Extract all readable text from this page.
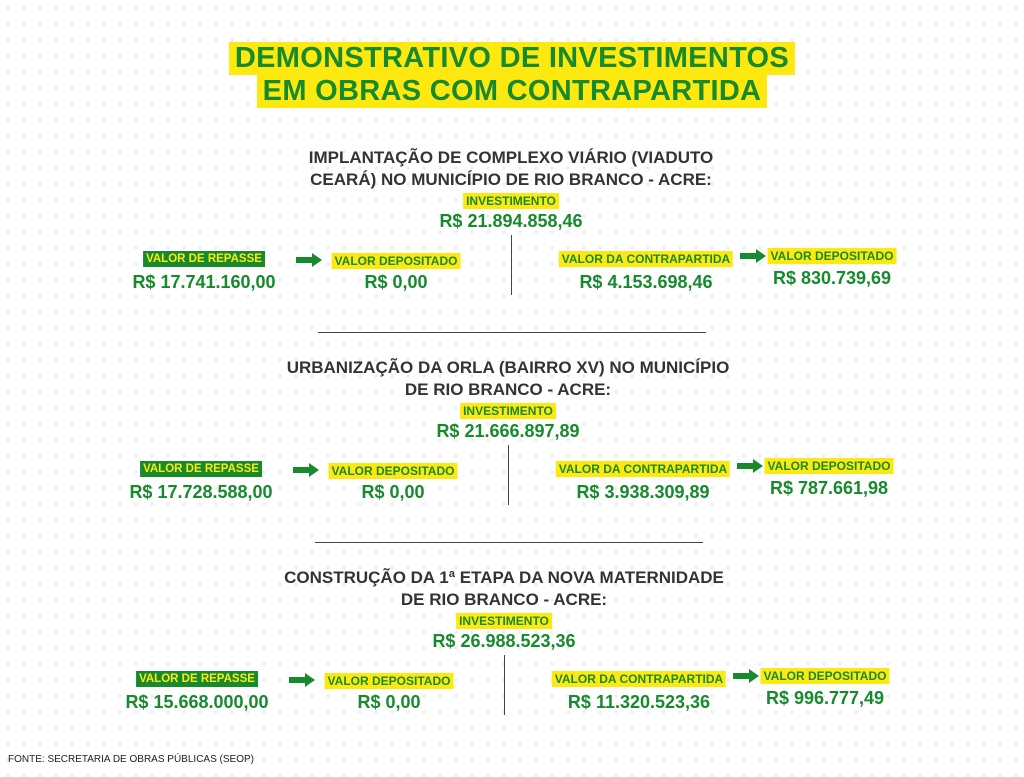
DEMONSTRATIVO DE INVESTIMENTOS
EM OBRAS COM CONTRAPARTIDA
IMPLANTAÇÃO DE COMPLEXO VIÁRIO (VIADUTO
CEARÁ) NO MUNICÍPIO DE RIO BRANCO - ACRE:
INVESTIMENTO
R$ 21.894.858,46
VALOR DE REPASSE
R$ 17.741.160,00
VALOR DEPOSITADO
R$ 0,00
VALOR DA CONTRAPARTIDA
R$ 4.153.698,46
VALOR DEPOSITADO
R$ 830.739,69
URBANIZAÇÃO DA ORLA (BAIRRO XV) NO MUNICÍPIO
DE RIO BRANCO - ACRE:
INVESTIMENTO
R$ 21.666.897,89
VALOR DE REPASSE
R$ 17.728.588,00
VALOR DEPOSITADO
R$ 0,00
VALOR DA CONTRAPARTIDA
R$ 3.938.309,89
VALOR DEPOSITADO
R$ 787.661,98
CONSTRUÇÃO DA 1ª ETAPA DA NOVA MATERNIDADE
DE RIO BRANCO - ACRE:
INVESTIMENTO
R$ 26.988.523,36
VALOR DE REPASSE
R$ 15.668.000,00
VALOR DEPOSITADO
R$ 0,00
VALOR DA CONTRAPARTIDA
R$ 11.320.523,36
VALOR DEPOSITADO
R$ 996.777,49
FONTE: SECRETARIA DE OBRAS PÚBLICAS (SEOP)
